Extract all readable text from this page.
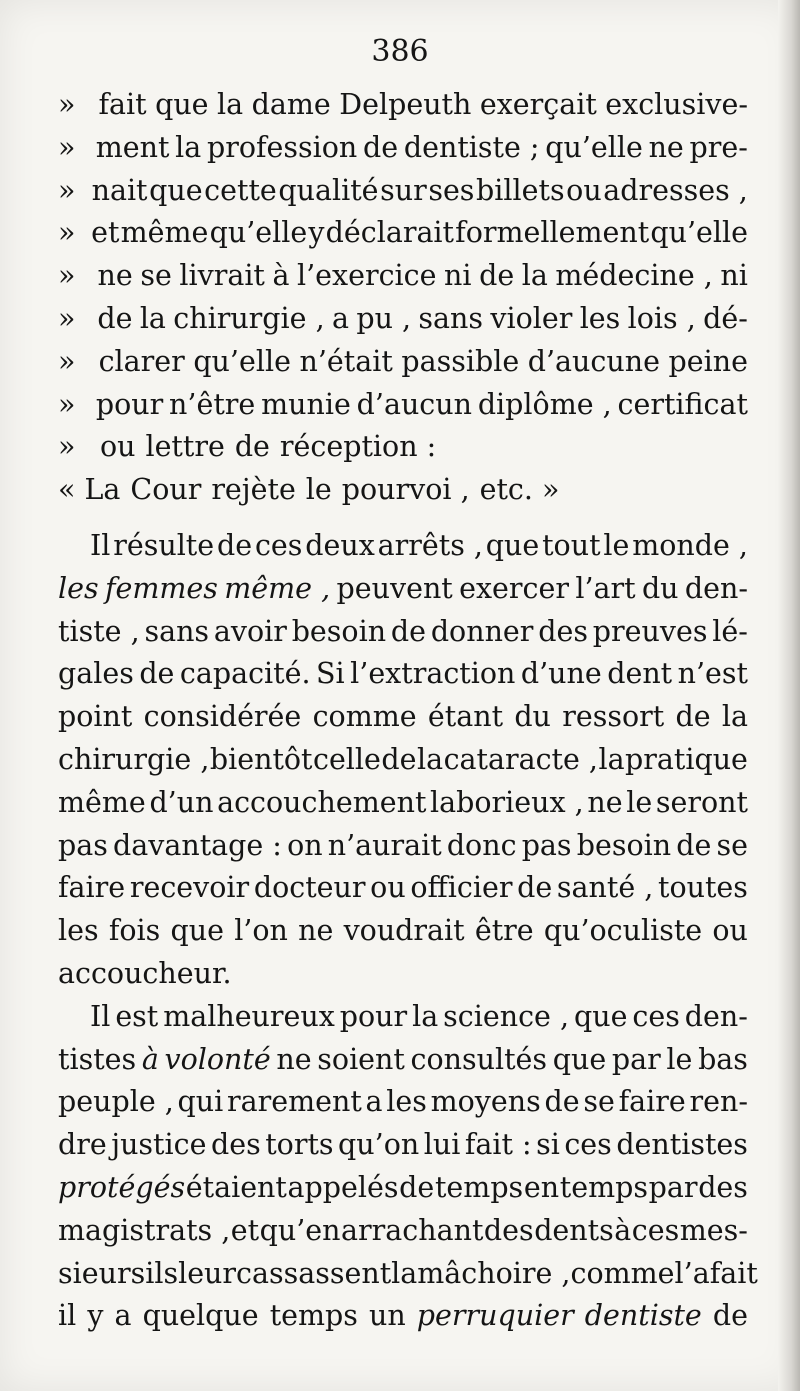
386
» fait que la dame Delpeuth exerçait exclusive-
» ment la profession de dentiste ; qu’elle ne pre-
» nait que cette qualité sur ses billets ou adresses ,
» et même qu’elle y déclarait formellement qu’elle
» ne se livrait à l’exercice ni de la médecine , ni
» de la chirurgie , a pu , sans violer les lois , dé-
» clarer qu’elle n’était passible d’aucune peine
» pour n’être munie d’aucun diplôme , certificat
» ou lettre de réception :
« La Cour rejète le pourvoi , etc. »
Il résulte de ces deux arrêts , que tout le monde ,
les femmes même , peuvent exercer l’art du den-
tiste , sans avoir besoin de donner des preuves lé-
gales de capacité. Si l’extraction d’une dent n’est
point considérée comme étant du ressort de la
chirurgie , bientôt celle de la cataracte , la pratique
même d’un accouchement laborieux , ne le seront
pas davantage : on n’aurait donc pas besoin de se
faire recevoir docteur ou officier de santé , toutes
les fois que l’on ne voudrait être qu’oculiste ou
accoucheur.
Il est malheureux pour la science , que ces den-
tistes à volonté ne soient consultés que par le bas
peuple , qui rarement a les moyens de se faire ren-
dre justice des torts qu’on lui fait : si ces dentistes
protégés étaient appelés de temps en temps par des
magistrats , et qu’en arrachant des dents à ces mes-
sieurs ils leur cassassent la mâchoire , comme l’a fait
il y a quelque temps un perruquier dentiste de
